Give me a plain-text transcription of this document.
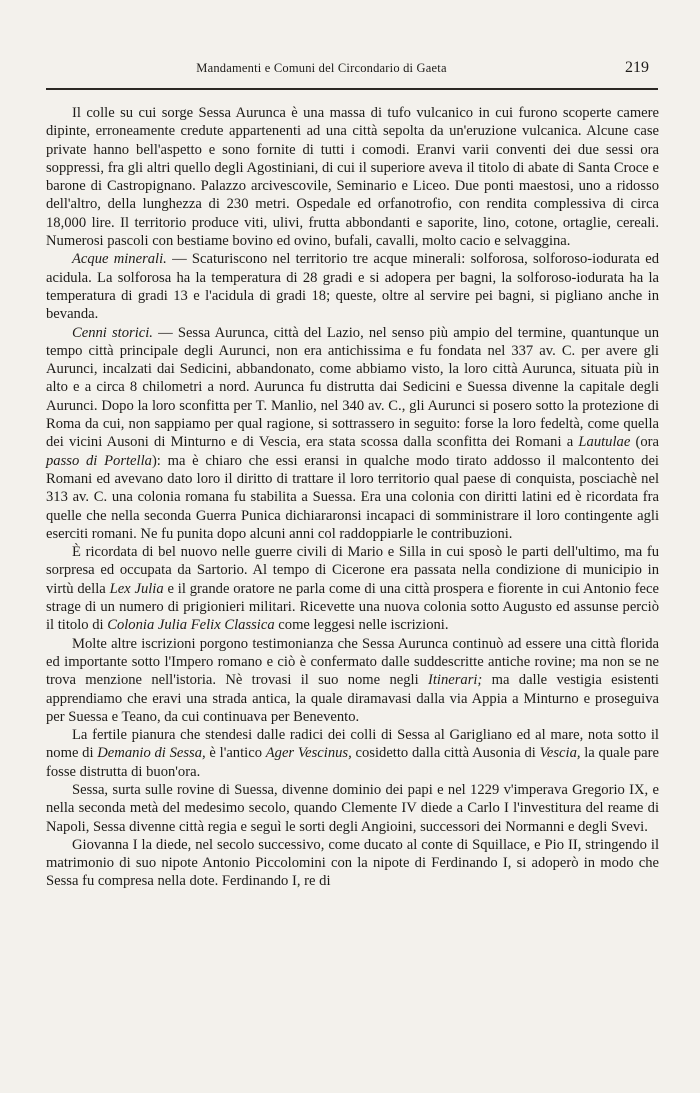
Mandamenti e Comuni del Circondario di Gaeta	219

Il colle su cui sorge Sessa Aurunca è una massa di tufo vulcanico in cui furono scoperte camere dipinte, erroneamente credute appartenenti ad una città sepolta da un'eruzione vulcanica. Alcune case private hanno bell'aspetto e sono fornite di tutti i comodi. Eranvi varii conventi dei due sessi ora soppressi, fra gli altri quello degli Agostiniani, di cui il superiore aveva il titolo di abate di Santa Croce e barone di Castropignano. Palazzo arcivescovile, Seminario e Liceo. Due ponti maestosi, uno a ridosso dell'altro, della lunghezza di 230 metri. Ospedale ed orfanotrofio, con rendita complessiva di circa 18,000 lire. Il territorio produce viti, ulivi, frutta abbondanti e saporite, lino, cotone, ortaglie, cereali. Numerosi pascoli con bestiame bovino ed ovino, bufali, cavalli, molto cacio e selvaggina.

Acque minerali. — Scaturiscono nel territorio tre acque minerali: solforosa, solforoso-iodurata ed acidula. La solforosa ha la temperatura di 28 gradi e si adopera per bagni, la solforoso-iodurata ha la temperatura di gradi 13 e l'acidula di gradi 18; queste, oltre al servire pei bagni, si pigliano anche in bevanda.

Cenni storici. — Sessa Aurunca, città del Lazio, nel senso più ampio del termine, quantunque un tempo città principale degli Aurunci, non era antichissima e fu fondata nel 337 av. C. per avere gli Aurunci, incalzati dai Sedicini, abbandonato, come abbiamo visto, la loro città Aurunca, situata più in alto e a circa 8 chilometri a nord. Aurunca fu distrutta dai Sedicini e Suessa divenne la capitale degli Aurunci. Dopo la loro sconfitta per T. Manlio, nel 340 av. C., gli Aurunci si posero sotto la protezione di Roma da cui, non sappiamo per qual ragione, si sottrassero in seguito: forse la loro fedeltà, come quella dei vicini Ausoni di Minturno e di Vescia, era stata scossa dalla sconfitta dei Romani a Lautulae (ora passo di Portella): ma è chiaro che essi eransi in qualche modo tirato addosso il malcontento dei Romani ed avevano dato loro il diritto di trattare il loro territorio qual paese di conquista, posciachè nel 313 av. C. una colonia romana fu stabilita a Suessa. Era una colonia con diritti latini ed è ricordata fra quelle che nella seconda Guerra Punica dichiararonsi incapaci di somministrare il loro contingente agli eserciti romani. Ne fu punita dopo alcuni anni col raddoppiarle le contribuzioni.

È ricordata di bel nuovo nelle guerre civili di Mario e Silla in cui sposò le parti dell'ultimo, ma fu sorpresa ed occupata da Sartorio. Al tempo di Cicerone era passata nella condizione di municipio in virtù della Lex Julia e il grande oratore ne parla come di una città prospera e fiorente in cui Antonio fece strage di un numero di prigionieri militari. Ricevette una nuova colonia sotto Augusto ed assunse perciò il titolo di Colonia Julia Felix Classica come leggesi nelle iscrizioni.

Molte altre iscrizioni porgono testimonianza che Sessa Aurunca continuò ad essere una città florida ed importante sotto l'Impero romano e ciò è confermato dalle suddescritte antiche rovine; ma non se ne trova menzione nell'istoria. Nè trovasi il suo nome negli Itinerari; ma dalle vestigia esistenti apprendiamo che eravi una strada antica, la quale diramavasi dalla via Appia a Minturno e proseguiva per Suessa e Teano, da cui continuava per Benevento.

La fertile pianura che stendesi dalle radici dei colli di Sessa al Garigliano ed al mare, nota sotto il nome di Demanio di Sessa, è l'antico Ager Vescinus, cosidetto dalla città Ausonia di Vescia, la quale pare fosse distrutta di buon'ora.

Sessa, surta sulle rovine di Suessa, divenne dominio dei papi e nel 1229 v'imperava Gregorio IX, e nella seconda metà del medesimo secolo, quando Clemente IV diede a Carlo I l'investitura del reame di Napoli, Sessa divenne città regia e seguì le sorti degli Angioini, successori dei Normanni e degli Svevi.

Giovanna I la diede, nel secolo successivo, come ducato al conte di Squillace, e Pio II, stringendo il matrimonio di suo nipote Antonio Piccolomini con la nipote di Ferdinando I, si adoperò in modo che Sessa fu compresa nella dote. Ferdinando I, re di
